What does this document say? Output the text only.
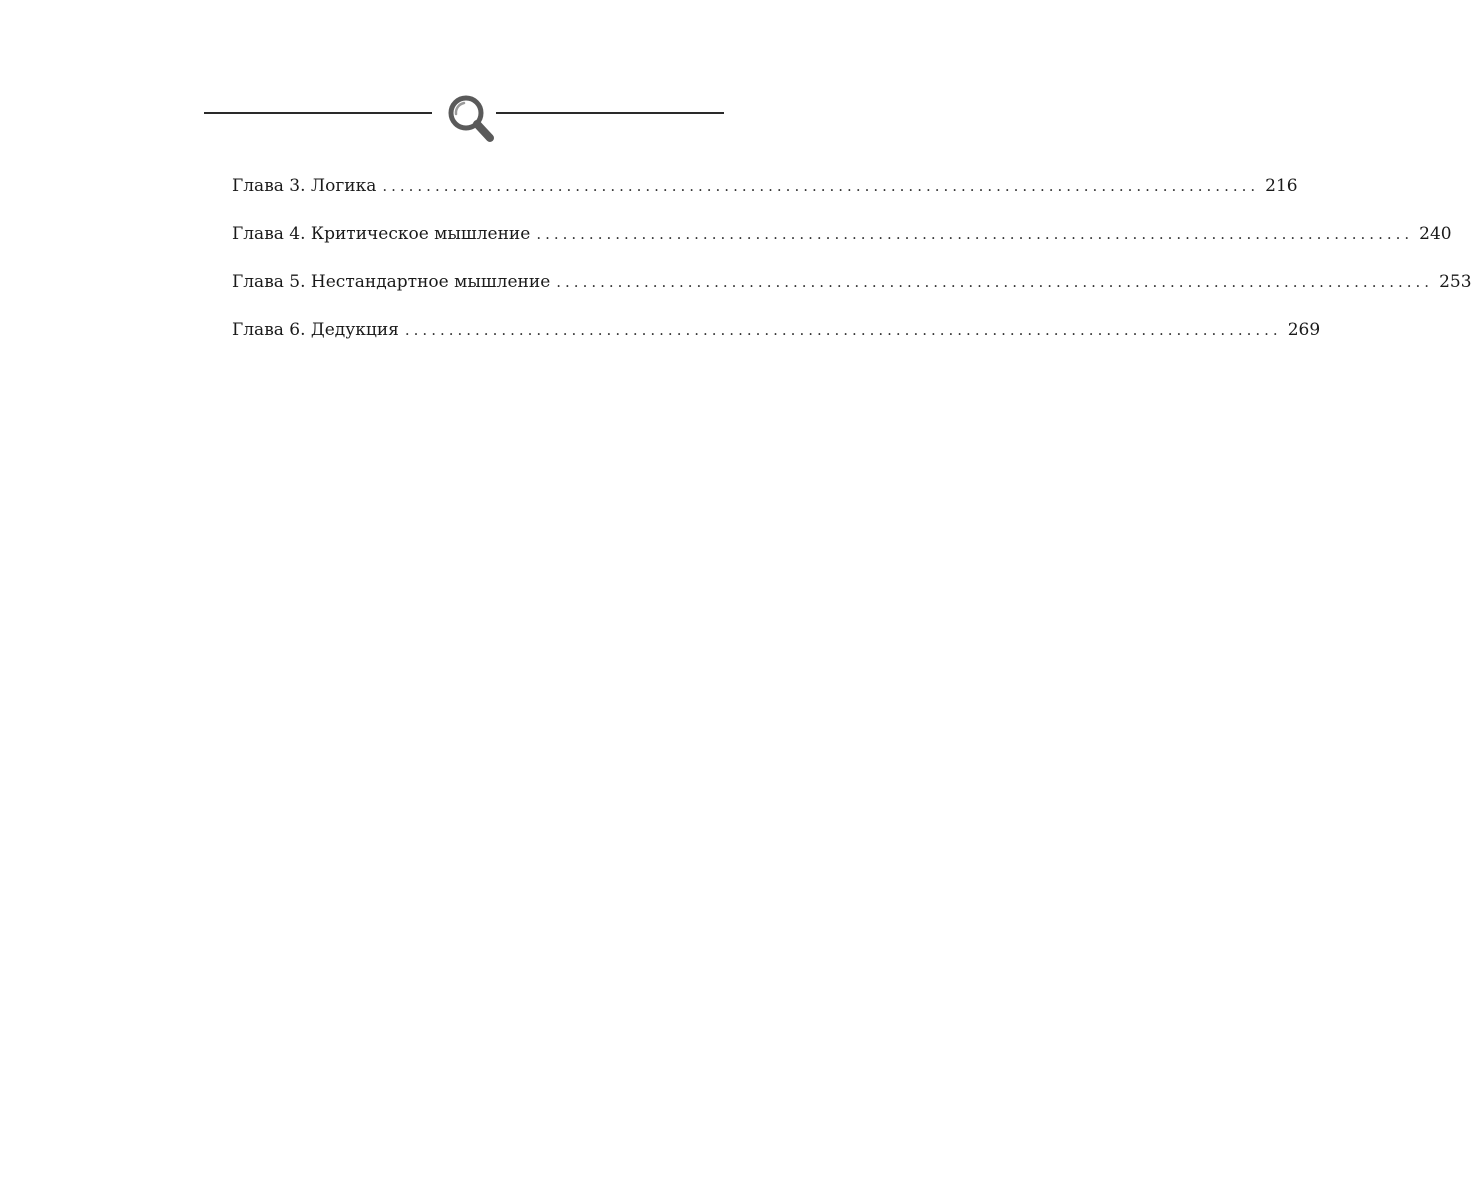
Глава 3. Логика .................................................................................................... 216
Глава 4. Критическое мышление .................................................................................................... 240
Глава 5. Нестандартное мышление .................................................................................................... 253
Глава 6. Дедукция .................................................................................................... 269
